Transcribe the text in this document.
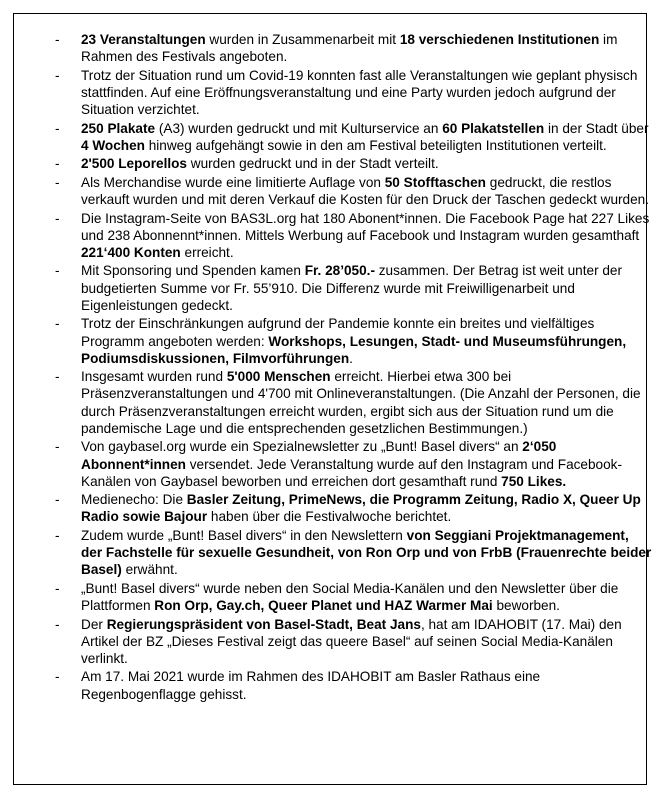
- 23 Veranstaltungen wurden in Zusammenarbeit mit 18 verschiedenen Institutionen im Rahmen des Festivals angeboten.
- Trotz der Situation rund um Covid-19 konnten fast alle Veranstaltungen wie geplant physisch stattfinden. Auf eine Eröffnungsveranstaltung und eine Party wurden jedoch aufgrund der Situation verzichtet.
- 250 Plakate (A3) wurden gedruckt und mit Kulturservice an 60 Plakatstellen in der Stadt über 4 Wochen hinweg aufgehängt sowie in den am Festival beteiligten Institutionen verteilt.
- 2'500 Leporellos wurden gedruckt und in der Stadt verteilt.
- Als Merchandise wurde eine limitierte Auflage von 50 Stofftaschen gedruckt, die restlos verkauft wurden und mit deren Verkauf die Kosten für den Druck der Taschen gedeckt wurden.
- Die Instagram-Seite von BAS3L.org hat 180 Abonent*innen. Die Facebook Page hat 227 Likes und 238 Abonnennt*innen. Mittels Werbung auf Facebook und Instagram wurden gesamthaft 221‘400 Konten erreicht.
- Mit Sponsoring und Spenden kamen Fr. 28’050.- zusammen. Der Betrag ist weit unter der budgetierten Summe vor Fr. 55’910. Die Differenz wurde mit Freiwilligenarbeit und Eigenleistungen gedeckt.
- Trotz der Einschränkungen aufgrund der Pandemie konnte ein breites und vielfältiges Programm angeboten werden: Workshops, Lesungen, Stadt- und Museumsführungen, Podiumsdiskussionen, Filmvorführungen.
- Insgesamt wurden rund 5'000 Menschen erreicht. Hierbei etwa 300 bei Präsenzveranstaltungen und 4'700 mit Onlineveranstaltungen. (Die Anzahl der Personen, die durch Präsenzveranstaltungen erreicht wurden, ergibt sich aus der Situation rund um die pandemische Lage und die entsprechenden gesetzlichen Bestimmungen.)
- Von gaybasel.org wurde ein Spezialnewsletter zu „Bunt! Basel divers“ an 2‘050 Abonnent*innen versendet. Jede Veranstaltung wurde auf den Instagram und Facebook-Kanälen von Gaybasel beworben und erreichen dort gesamthaft rund 750 Likes.
- Medienecho: Die Basler Zeitung, PrimeNews, die Programm Zeitung, Radio X, Queer Up Radio sowie Bajour haben über die Festivalwoche berichtet.
- Zudem wurde „Bunt! Basel divers“ in den Newslettern von Seggiani Projektmanagement, der Fachstelle für sexuelle Gesundheit, von Ron Orp und von FrbB (Frauenrechte beider Basel) erwähnt.
- „Bunt! Basel divers“ wurde neben den Social Media-Kanälen und den Newsletter über die Plattformen Ron Orp, Gay.ch, Queer Planet und HAZ Warmer Mai beworben.
- Der Regierungspräsident von Basel-Stadt, Beat Jans, hat am IDAHOBIT (17. Mai) den Artikel der BZ „Dieses Festival zeigt das queere Basel“ auf seinen Social Media-Kanälen verlinkt.
- Am 17. Mai 2021 wurde im Rahmen des IDAHOBIT am Basler Rathaus eine Regenbogenflagge gehisst.
